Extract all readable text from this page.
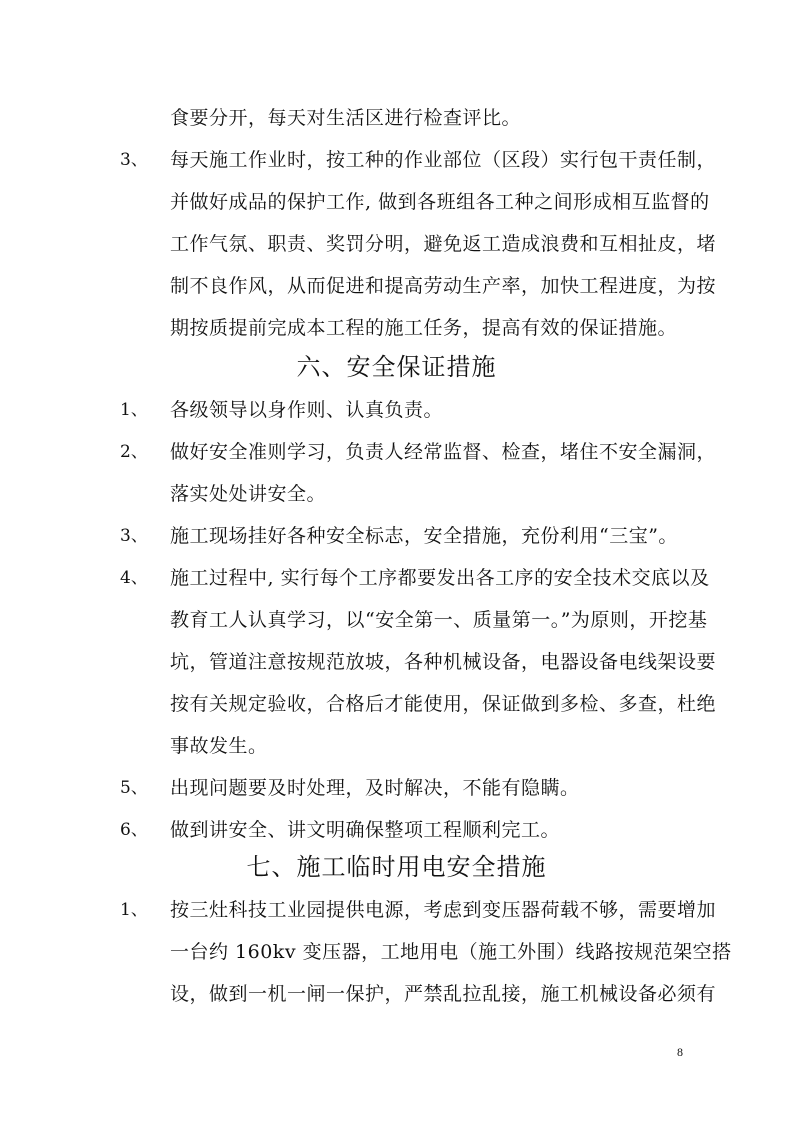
食要分开，每天对生活区进行检查评比。
3、 每天施工作业时，按工种的作业部位（区段）实行包干责任制，
并做好成品的保护工作, 做到各班组各工种之间形成相互监督的
工作气氛、职责、奖罚分明，避免返工造成浪费和互相扯皮，堵
制不良作风，从而促进和提高劳动生产率，加快工程进度，为按
期按质提前完成本工程的施工任务，提高有效的保证措施。
六、安全保证措施
1、 各级领导以身作则、认真负责。
2、 做好安全准则学习，负责人经常监督、检查，堵住不安全漏洞，
落实处处讲安全。
3、 施工现场挂好各种安全标志，安全措施，充份利用“三宝”。
4、 施工过程中, 实行每个工序都要发出各工序的安全技术交底以及
教育工人认真学习，以“安全第一、质量第一。”为原则，开挖基
坑，管道注意按规范放坡，各种机械设备，电器设备电线架设要
按有关规定验收，合格后才能使用，保证做到多检、多查，杜绝
事故发生。
5、 出现问题要及时处理，及时解决，不能有隐瞒。
6、 做到讲安全、讲文明确保整项工程顺利完工。
七、施工临时用电安全措施
1、 按三灶科技工业园提供电源，考虑到变压器荷载不够，需要增加
一台约 160kv 变压器，工地用电（施工外围）线路按规范架空搭
设，做到一机一闸一保护，严禁乱拉乱接，施工机械设备必须有
8
